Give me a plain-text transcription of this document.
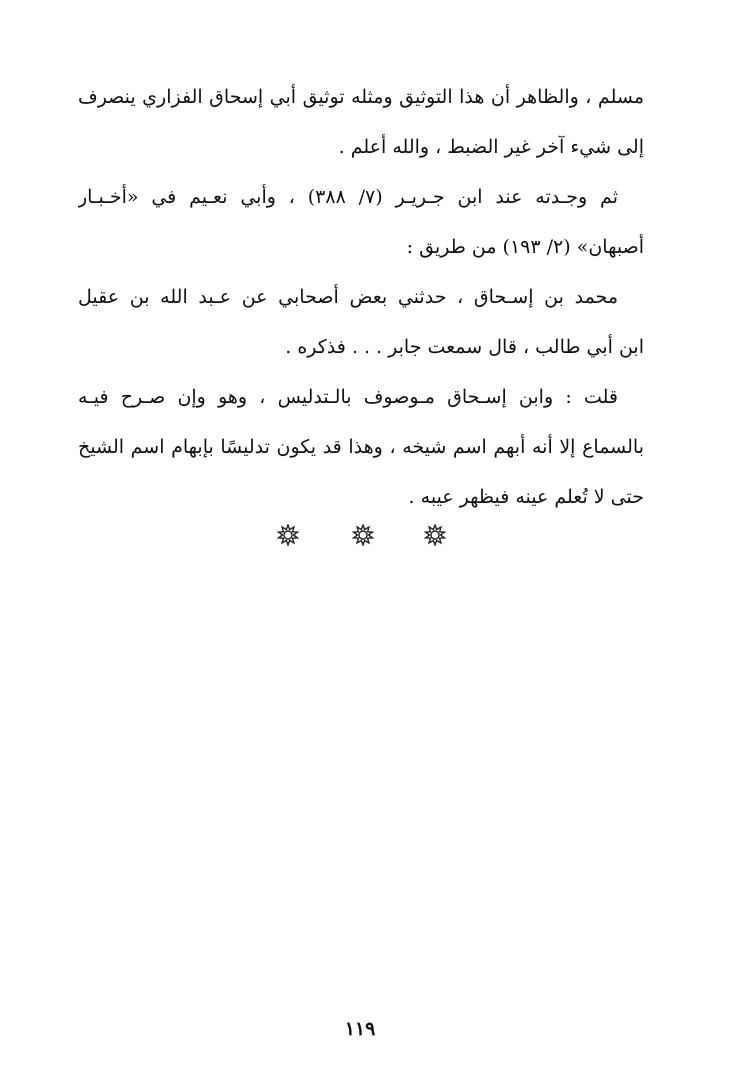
مسلم ، والظاهر أن هذا التوثيق ومثله توثيق أبي إسحاق الفزاري ينصرف
إلى شيء آخر غير الضبط ، والله أعلم .
ثم وجـدته عند ابن جـريـر (٧/ ٣٨٨) ، وأبي نعـيم في «أخـبـار
أصبهان» (٢/ ١٩٣) من طريق :
محمد بن إسـحاق ، حدثني بعض أصحابي عن عـبد الله بن عقيل
ابن أبي طالب ، قال سمعت جابر . . . فذكره .
قلت : وابن إسـحاق مـوصوف بالـتدليس ، وهو وإن صـرح فيـه
بالسماع إلا أنه أبهم اسم شيخه ، وهذا قد يكون تدليسًا بإبهام اسم الشيخ
حتى لا تُعلم عينه فيظهر عيبه .
١١٩
